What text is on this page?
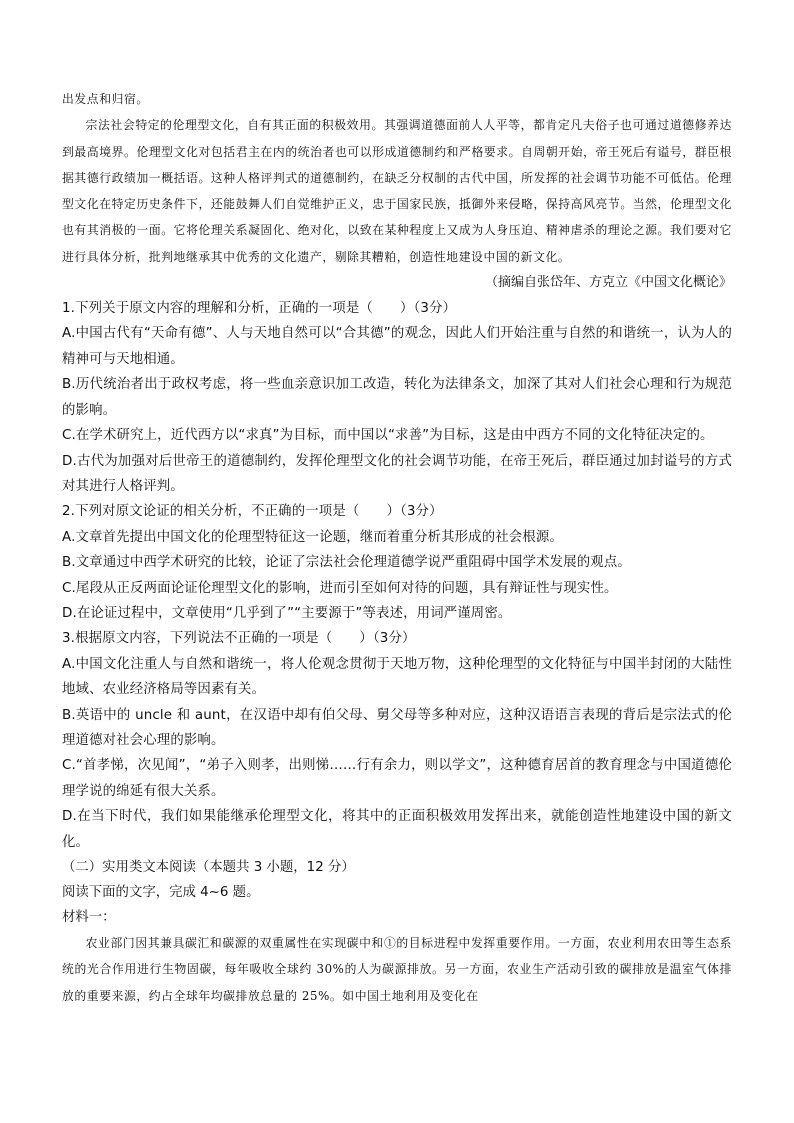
出发点和归宿。

宗法社会特定的伦理型文化，自有其正面的积极效用。其强调道德面前人人平等，都肯定凡夫俗子也可通过道德修养达到最高境界。伦理型文化对包括君主在内的统治者也可以形成道德制约和严格要求。自周朝开始，帝王死后有谥号，群臣根据其德行政绩加一概括语。这种人格评判式的道德制约，在缺乏分权制的古代中国，所发挥的社会调节功能不可低估。伦理型文化在特定历史条件下，还能鼓舞人们自觉维护正义，忠于国家民族，抵御外来侵略，保持高风亮节。当然，伦理型文化也有其消极的一面。它将伦理关系凝固化、绝对化，以致在某种程度上又成为人身压迫、精神虐杀的理论之源。我们要对它进行具体分析，批判地继承其中优秀的文化遗产，剔除其糟粕，创造性地建设中国的新文化。

（摘编自张岱年、方克立《中国文化概论》

1.下列关于原文内容的理解和分析，正确的一项是（　　）（3分）

A.中国古代有“天命有德”、人与天地自然可以“合其德”的观念，因此人们开始注重与自然的和谐统一，认为人的精神可与天地相通。

B.历代统治者出于政权考虑，将一些血亲意识加工改造，转化为法律条文，加深了其对人们社会心理和行为规范的影响。

C.在学术研究上，近代西方以“求真”为目标，而中国以“求善”为目标，这是由中西方不同的文化特征决定的。

D.古代为加强对后世帝王的道德制约，发挥伦理型文化的社会调节功能，在帝王死后，群臣通过加封谥号的方式对其进行人格评判。

2.下列对原文论证的相关分析，不正确的一项是（　　）（3分）

A.文章首先提出中国文化的伦理型特征这一论题，继而着重分析其形成的社会根源。

B.文章通过中西学术研究的比较，论证了宗法社会伦理道德学说严重阻碍中国学术发展的观点。

C.尾段从正反两面论证伦理型文化的影响，进而引至如何对待的问题，具有辩证性与现实性。

D.在论证过程中，文章使用“几乎到了”“主要源于”等表述，用词严谨周密。

3.根据原文内容，下列说法不正确的一项是（　　）（3分）

A.中国文化注重人与自然和谐统一，将人伦观念贯彻于天地万物，这种伦理型的文化特征与中国半封闭的大陆性地域、农业经济格局等因素有关。

B.英语中的 uncle 和 aunt，在汉语中却有伯父母、舅父母等多种对应，这种汉语语言表现的背后是宗法式的伦理道德对社会心理的影响。

C.“首孝悌，次见闻”，“弟子入则孝，出则悌……行有余力，则以学文”，这种德育居首的教育理念与中国道德伦理学说的绵延有很大关系。

D.在当下时代，我们如果能继承伦理型文化，将其中的正面积极效用发挥出来，就能创造性地建设中国的新文化。

（二）实用类文本阅读（本题共 3 小题，12 分）

阅读下面的文字，完成 4~6 题。

材料一：

农业部门因其兼具碳汇和碳源的双重属性在实现碳中和①的目标进程中发挥重要作用。一方面，农业利用农田等生态系统的光合作用进行生物固碳，每年吸收全球约 30%的人为碳源排放。另一方面，农业生产活动引致的碳排放是温室气体排放的重要来源，约占全球年均碳排放总量的 25%。如中国土地利用及变化在
